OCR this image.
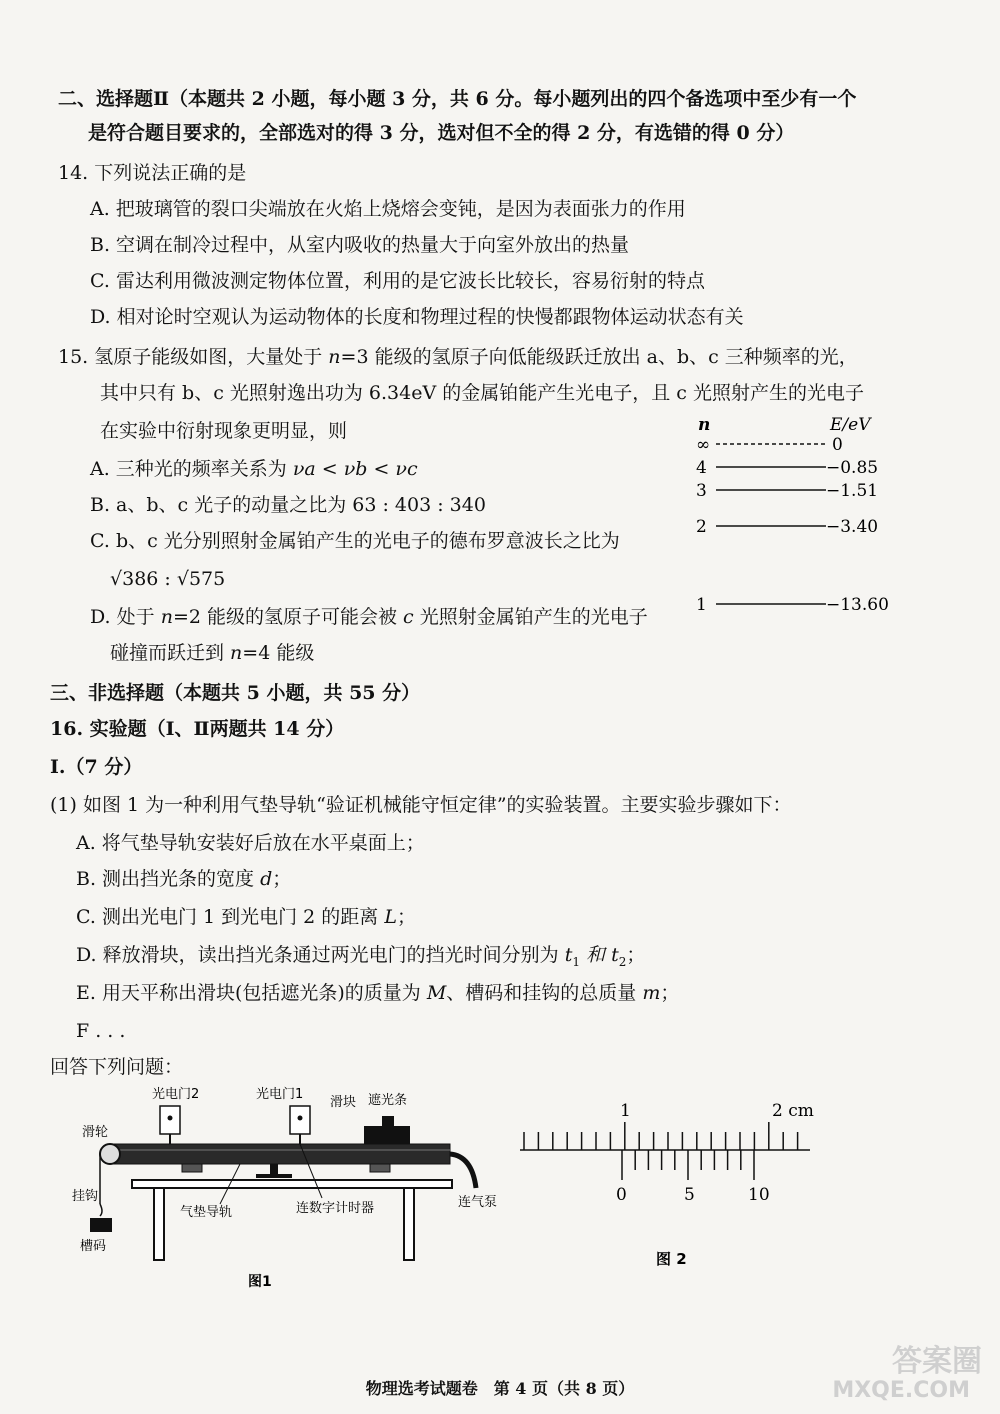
二、选择题Ⅱ（本题共 2 小题，每小题 3 分，共 6 分。每小题列出的四个备选项中至少有一个
是符合题目要求的，全部选对的得 3 分，选对但不全的得 2 分，有选错的得 0 分）
14. 下列说法正确的是
A. 把玻璃管的裂口尖端放在火焰上烧熔会变钝，是因为表面张力的作用
B. 空调在制冷过程中，从室内吸收的热量大于向室外放出的热量
C. 雷达利用微波测定物体位置，利用的是它波长比较长，容易衍射的特点
D. 相对论时空观认为运动物体的长度和物理过程的快慢都跟物体运动状态有关
15. 氢原子能级如图，大量处于 n=3 能级的氢原子向低能级跃迁放出 a、b、c 三种频率的光，
其中只有 b、c 光照射逸出功为 6.34eV 的金属铂能产生光电子，且 c 光照射产生的光电子
在实验中衍射现象更明显，则
A. 三种光的频率关系为 νa < νb < νc
B. a、b、c 光子的动量之比为 63 : 403 : 340
C. b、c 光分别照射金属铂产生的光电子的德布罗意波长之比为
√386 : √575
D. 处于 n=2 能级的氢原子可能会被 c 光照射金属铂产生的光电子
碰撞而跃迁到 n=4 能级
n	E/eV
∞	0
4	−0.85
3	−1.51
2	−3.40
1	−13.60
三、非选择题（本题共 5 小题，共 55 分）
16. 实验题（Ⅰ、Ⅱ两题共 14 分）
Ⅰ.（7 分）
(1) 如图 1 为一种利用气垫导轨“验证机械能守恒定律”的实验装置。主要实验步骤如下：
A. 将气垫导轨安装好后放在水平桌面上；
B. 测出挡光条的宽度 d；
C. 测出光电门 1 到光电门 2 的距离 L；
D. 释放滑块，读出挡光条通过两光电门的挡光时间分别为 $t_1$ 和 $t_2$；
E. 用天平称出滑块(包括遮光条)的质量为 M、槽码和挂钩的总质量 m；
F . . .
回答下列问题：
光电门2	光电门1
滑块 遮光条
滑轮
挂钩
槽码
连气泵
气垫导轨	连数字计时器
图1
1	2 cm
0	5	10
图 2
物理选考试题卷　第 4 页（共 8 页）
答案圈
MXQE.COM
